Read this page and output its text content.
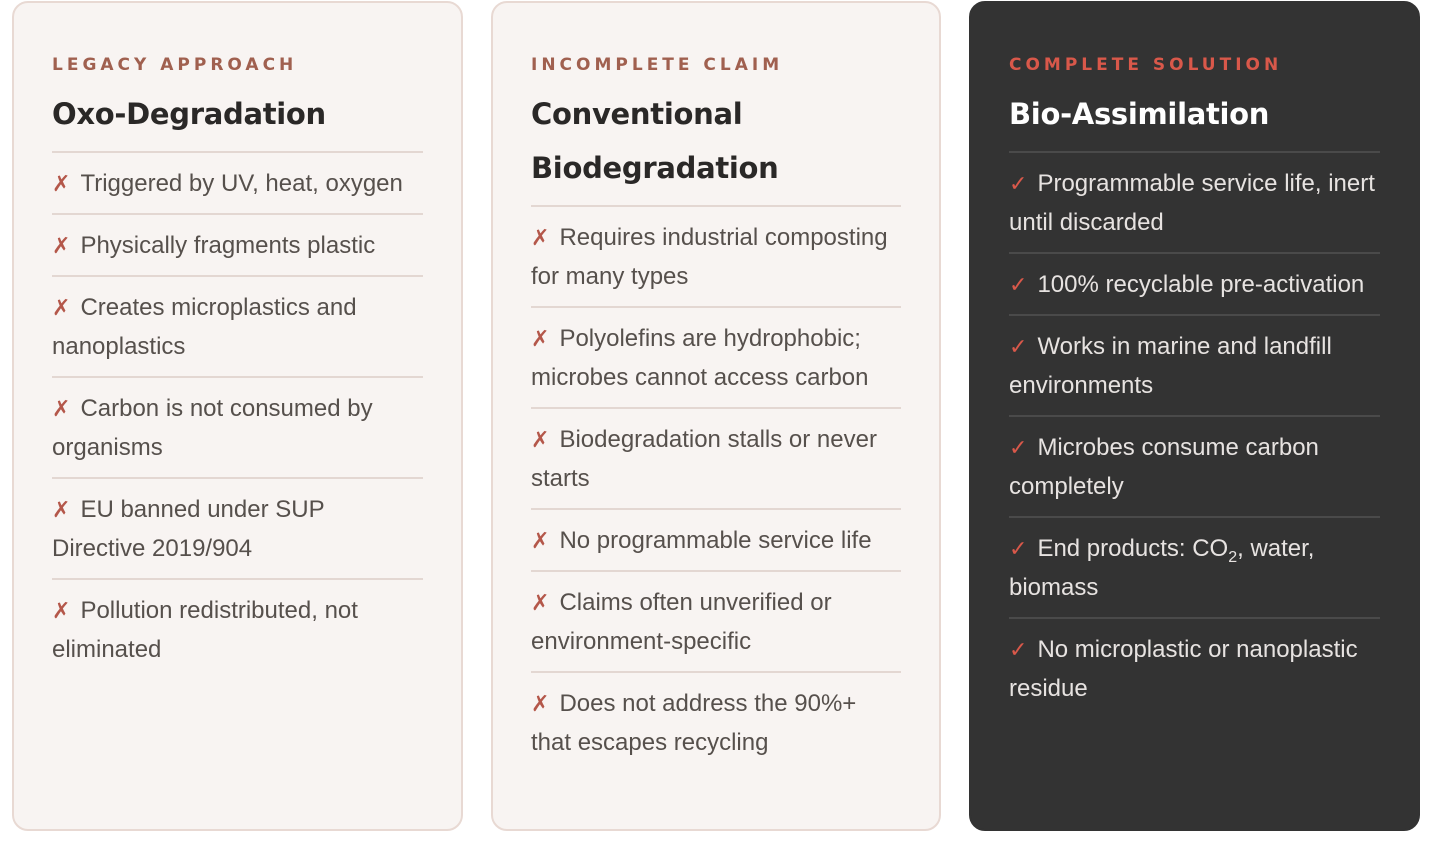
LEGACY APPROACH

Oxo-Degradation
✗ Triggered by UV, heat, oxygen
✗ Physically fragments plastic
✗ Creates microplastics and nanoplastics
✗ Carbon is not consumed by organisms
✗ EU banned under SUP Directive 2019/904
✗ Pollution redistributed, not eliminated

INCOMPLETE CLAIM

Conventional Biodegradation
✗ Requires industrial composting for many types
✗ Polyolefins are hydrophobic; microbes cannot access carbon
✗ Biodegradation stalls or never starts
✗ No programmable service life
✗ Claims often unverified or environment-specific
✗ Does not address the 90%+ that escapes recycling

COMPLETE SOLUTION

Bio-Assimilation
✓ Programmable service life, inert until discarded
✓ 100% recyclable pre-activation
✓ Works in marine and landfill environments
✓ Microbes consume carbon completely
✓ End products: $CO_2$, water, biomass
✓ No microplastic or nanoplastic residue
